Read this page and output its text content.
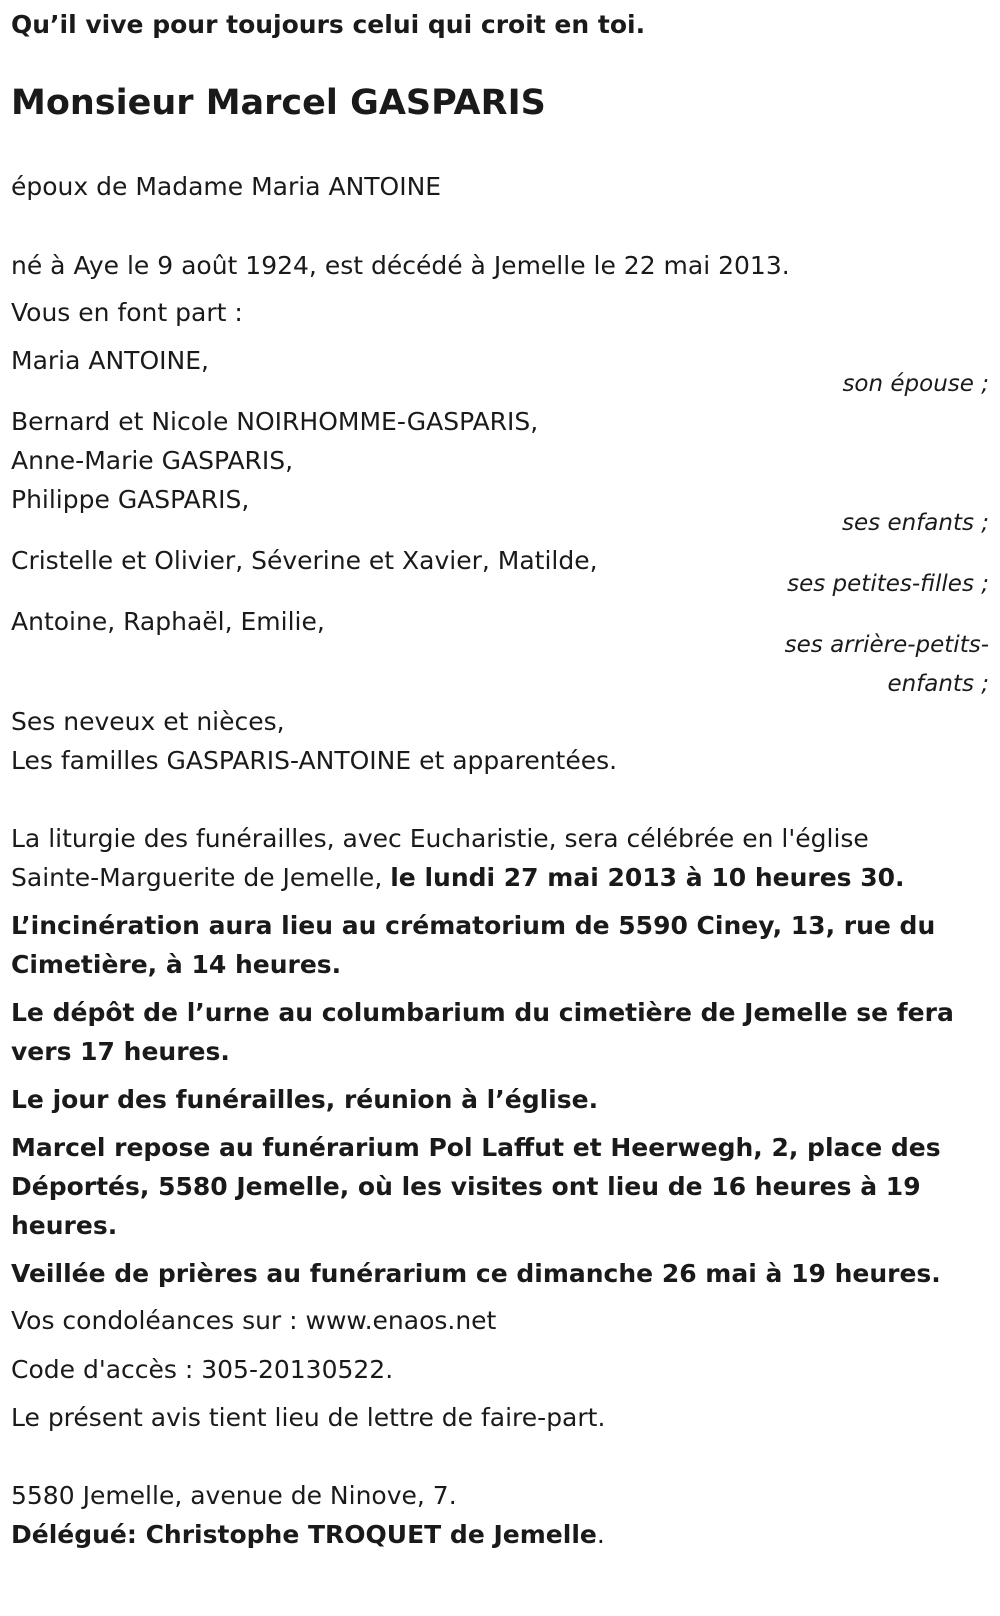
Qu’il vive pour toujours celui qui croit en toi.
Monsieur Marcel GASPARIS
époux de Madame Maria ANTOINE
né à Aye le 9 août 1924, est décédé à Jemelle le 22 mai 2013.
Vous en font part :
Maria ANTOINE,
son épouse ;
Bernard et Nicole NOIRHOMME-GASPARIS,
Anne-Marie GASPARIS,
Philippe GASPARIS,
ses enfants ;
Cristelle et Olivier, Séverine et Xavier, Matilde,
ses petites-filles ;
Antoine, Raphaël, Emilie,
ses arrière-petits-
enfants ;
Ses neveux et nièces,
Les familles GASPARIS-ANTOINE et apparentées.
La liturgie des funérailles, avec Eucharistie, sera célébrée en l'église
Sainte-Marguerite de Jemelle, le lundi 27 mai 2013 à 10 heures 30.
L’incinération aura lieu au crématorium de 5590 Ciney, 13, rue du
Cimetière, à 14 heures.
Le dépôt de l’urne au columbarium du cimetière de Jemelle se fera
vers 17 heures.
Le jour des funérailles, réunion à l’église.
Marcel repose au funérarium Pol Laffut et Heerwegh, 2, place des
Déportés, 5580 Jemelle, où les visites ont lieu de 16 heures à 19
heures.
Veillée de prières au funérarium ce dimanche 26 mai à 19 heures.
Vos condoléances sur : www.enaos.net
Code d'accès : 305-20130522.
Le présent avis tient lieu de lettre de faire-part.
5580 Jemelle, avenue de Ninove, 7.
Délégué: Christophe TROQUET de Jemelle.
